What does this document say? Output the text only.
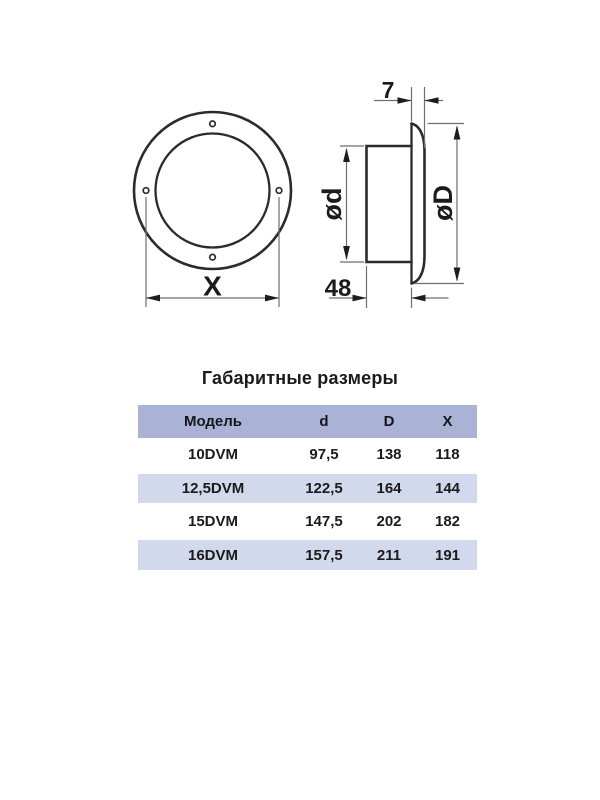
X
7
ød	øD
48
Габаритные размеры
Модель	d	D	X
10DVM	97,5	138	118
12,5DVM	122,5	164	144
15DVM	147,5	202	182
16DVM	157,5	211	191
